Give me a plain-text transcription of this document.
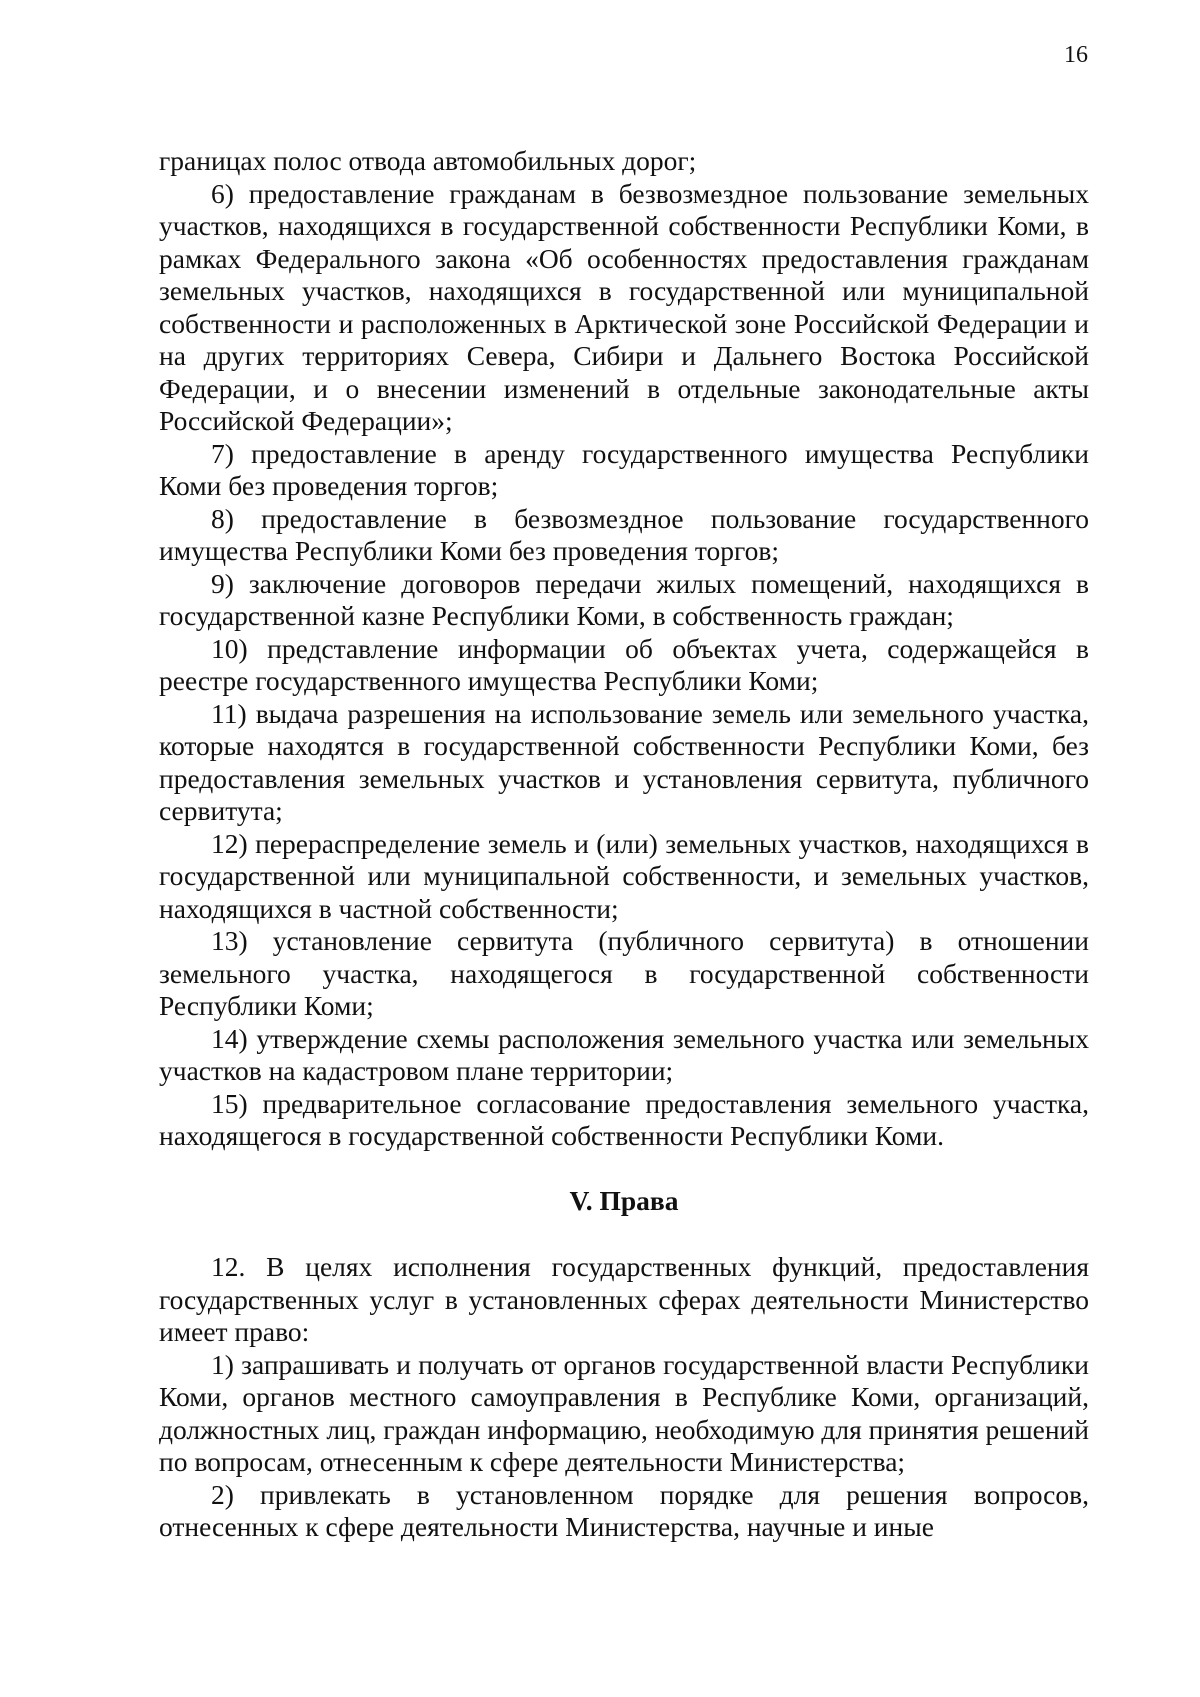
16

границах полос отвода автомобильных дорог;

6) предоставление гражданам в безвозмездное пользование земельных участков, находящихся в государственной собственности Республики Коми, в рамках Федерального закона «Об особенностях предоставления гражданам земельных участков, находящихся в государственной или муниципальной собственности и расположенных в Арктической зоне Российской Федерации и на других территориях Севера, Сибири и Дальнего Востока Российской Федерации, и о внесении изменений в отдельные законодательные акты Российской Федерации»;

7) предоставление в аренду государственного имущества Республики Коми без проведения торгов;

8) предоставление в безвозмездное пользование государственного имущества Республики Коми без проведения торгов;

9) заключение договоров передачи жилых помещений, находящихся в государственной казне Республики Коми, в собственность граждан;

10) представление информации об объектах учета, содержащейся в реестре государственного имущества Республики Коми;

11) выдача разрешения на использование земель или земельного участка, которые находятся в государственной собственности Республики Коми, без предоставления земельных участков и установления сервитута, публичного сервитута;

12) перераспределение земель и (или) земельных участков, находящихся в государственной или муниципальной собственности, и земельных участков, находящихся в частной собственности;

13) установление сервитута (публичного сервитута) в отношении земельного участка, находящегося в государственной собственности Республики Коми;

14) утверждение схемы расположения земельного участка или земельных участков на кадастровом плане территории;

15) предварительное согласование предоставления земельного участка, находящегося в государственной собственности Республики Коми.

V. Права

12. В целях исполнения государственных функций, предоставления государственных услуг в установленных сферах деятельности Министерство имеет право:

1) запрашивать и получать от органов государственной власти Республики Коми, органов местного самоуправления в Республике Коми, организаций, должностных лиц, граждан информацию, необходимую для принятия решений по вопросам, отнесенным к сфере деятельности Министерства;

2) привлекать в установленном порядке для решения вопросов, отнесенных к сфере деятельности Министерства, научные и иные
